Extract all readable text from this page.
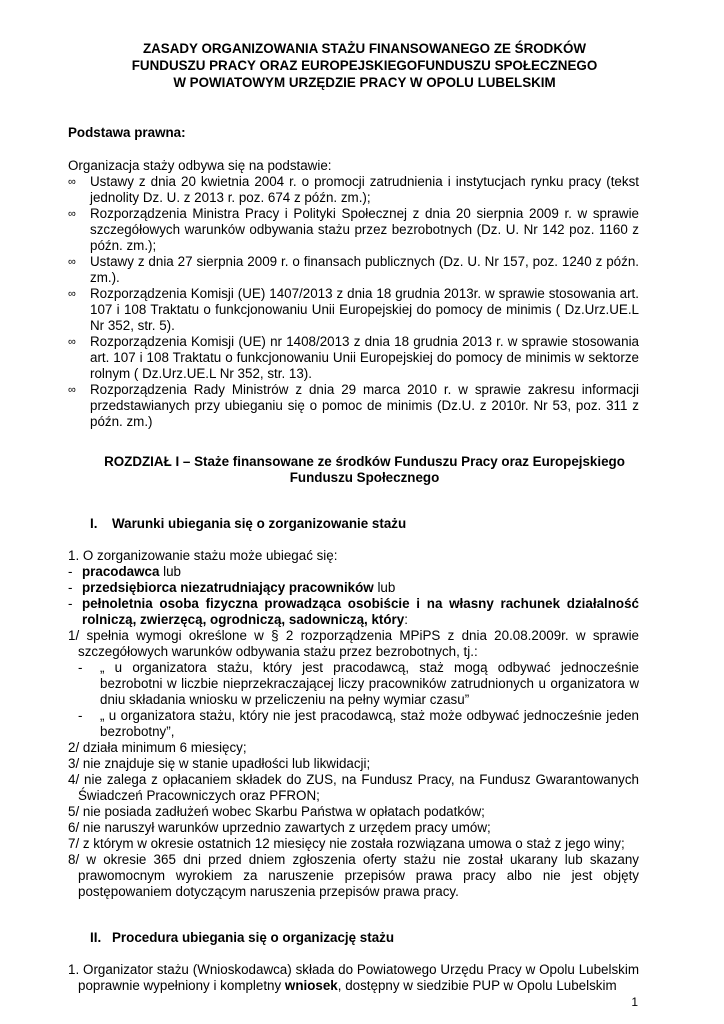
ZASADY ORGANIZOWANIA STAŻU FINANSOWANEGO ZE ŚRODKÓW
FUNDUSZU PRACY ORAZ EUROPEJSKIEGOFUNDUSZU SPOŁECZNEGO
W POWIATOWYM URZĘDZIE PRACY W OPOLU LUBELSKIM
Podstawa prawna:
Organizacja staży odbywa się na podstawie:
∞ Ustawy z dnia 20 kwietnia 2004 r. o promocji zatrudnienia i instytucjach rynku pracy (tekst jednolity Dz. U. z 2013 r. poz. 674 z późn. zm.);
∞ Rozporządzenia Ministra Pracy i Polityki Społecznej z dnia 20 sierpnia 2009 r. w sprawie szczegółowych warunków odbywania stażu przez bezrobotnych (Dz. U. Nr 142 poz. 1160 z późn. zm.);
∞ Ustawy z dnia 27 sierpnia 2009 r. o finansach publicznych (Dz. U. Nr 157, poz. 1240 z późn. zm.).
∞ Rozporządzenia Komisji (UE) 1407/2013 z dnia 18 grudnia 2013r. w sprawie stosowania art. 107 i 108 Traktatu o funkcjonowaniu Unii Europejskiej do pomocy de minimis ( Dz.Urz.UE.L Nr 352, str. 5).
∞ Rozporządzenia Komisji (UE) nr 1408/2013 z dnia 18 grudnia 2013 r. w sprawie stosowania art. 107 i 108 Traktatu o funkcjonowaniu Unii Europejskiej do pomocy de minimis w sektorze rolnym ( Dz.Urz.UE.L Nr 352, str. 13).
∞ Rozporządzenia Rady Ministrów z dnia 29 marca 2010 r. w sprawie zakresu informacji przedstawianych przy ubieganiu się o pomoc de minimis (Dz.U. z 2010r. Nr 53, poz. 311 z późn. zm.)
ROZDZIAŁ I – Staże finansowane ze środków Funduszu Pracy oraz Europejskiego
Funduszu Społecznego
I. Warunki ubiegania się o zorganizowanie stażu
1. O zorganizowanie stażu może ubiegać się:
- pracodawca lub
- przedsiębiorca niezatrudniający pracowników lub
- pełnoletnia osoba fizyczna prowadząca osobiście i na własny rachunek działalność rolniczą, zwierzęcą, ogrodniczą, sadowniczą, który:
1/ spełnia wymogi określone w § 2 rozporządzenia MPiPS z dnia 20.08.2009r. w sprawie szczegółowych warunków odbywania stażu przez bezrobotnych, tj.:
- „ u organizatora stażu, który jest pracodawcą, staż mogą odbywać jednocześnie bezrobotni w liczbie nieprzekraczającej liczy pracowników zatrudnionych u organizatora w dniu składania wniosku w przeliczeniu na pełny wymiar czasu”
- „ u organizatora stażu, który nie jest pracodawcą, staż może odbywać jednocześnie jeden bezrobotny”,
2/ działa minimum 6 miesięcy;
3/ nie znajduje się w stanie upadłości lub likwidacji;
4/ nie zalega z opłacaniem składek do ZUS, na Fundusz Pracy, na Fundusz Gwarantowanych Świadczeń Pracowniczych oraz PFRON;
5/ nie posiada zadłużeń wobec Skarbu Państwa w opłatach podatków;
6/ nie naruszył warunków uprzednio zawartych z urzędem pracy umów;
7/ z którym w okresie ostatnich 12 miesięcy nie została rozwiązana umowa o staż z jego winy;
8/ w okresie 365 dni przed dniem zgłoszenia oferty stażu nie został ukarany lub skazany prawomocnym wyrokiem za naruszenie przepisów prawa pracy albo nie jest objęty postępowaniem dotyczącym naruszenia przepisów prawa pracy.
II. Procedura ubiegania się o organizację stażu
1. Organizator stażu (Wnioskodawca) składa do Powiatowego Urzędu Pracy w Opolu Lubelskim poprawnie wypełniony i kompletny wniosek, dostępny w siedzibie PUP w Opolu Lubelskim
1
